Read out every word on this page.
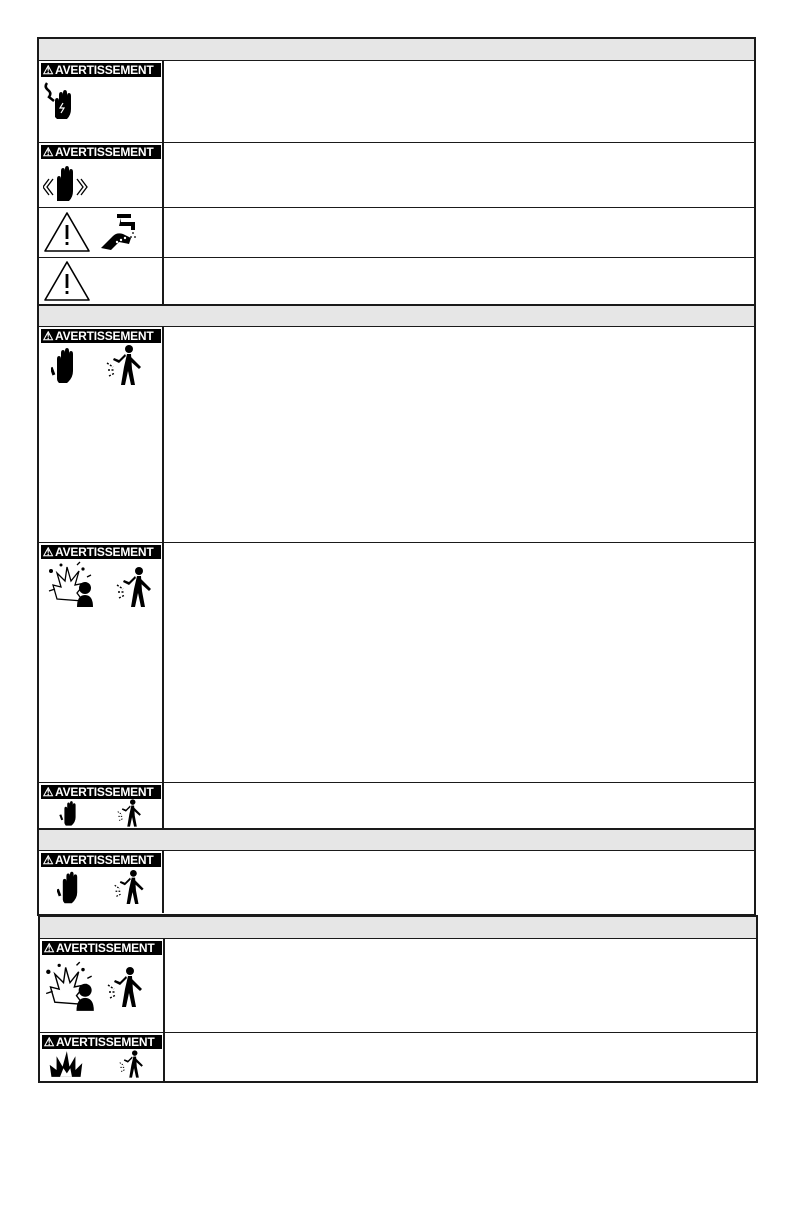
⚠ AVERTISSEMENT
⚠ AVERTISSEMENT
⚠ AVERTISSEMENT
⚠ AVERTISSEMENT
⚠ AVERTISSEMENT
⚠ AVERTISSEMENT
⚠ AVERTISSEMENT
⚠ AVERTISSEMENT
